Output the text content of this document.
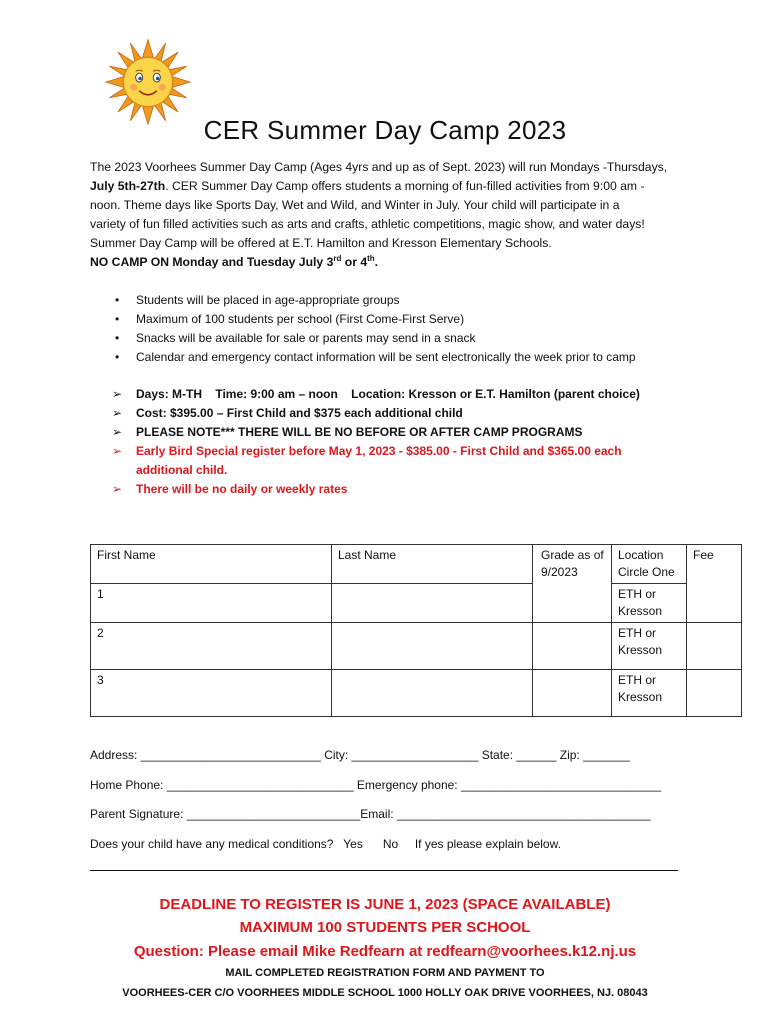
CER Summer Day Camp 2023

The 2023 Voorhees Summer Day Camp (Ages 4yrs and up as of Sept. 2023) will run Mondays -Thursdays,

July 5th-27th. CER Summer Day Camp offers students a morning of fun-filled activities from 9:00 am -

noon. Theme days like Sports Day, Wet and Wild, and Winter in July. Your child will participate in a

variety of fun filled activities such as arts and crafts, athletic competitions, magic show, and water days!

Summer Day Camp will be offered at E.T. Hamilton and Kresson Elementary Schools.

NO CAMP ON Monday and Tuesday July 3rd or 4th.

• Students will be placed in age-appropriate groups
• Maximum of 100 students per school (First Come-First Serve)
• Snacks will be available for sale or parents may send in a snack
• Calendar and emergency contact information will be sent electronically the week prior to camp
➢ Days: M-TH    Time: 9:00 am – noon    Location: Kresson or E.T. Hamilton (parent choice)
➢ Cost: $395.00 – First Child and $375 each additional child
➢ PLEASE NOTE*** THERE WILL BE NO BEFORE OR AFTER CAMP PROGRAMS
➢ Early Bird Special register before May 1, 2023 - $385.00 - First Child and $365.00 each additional child.
➢ There will be no daily or weekly rates
First Name	Last Name	Grade as of 9/2023	Location Circle One	Fee
1			ETH or Kresson	
2			ETH or Kresson	
3			ETH or Kresson	
Address: ___________________________ City: ___________________ State: ______ Zip: _______
Home Phone: ____________________________ Emergency phone: ______________________________
Parent Signature: __________________________Email: ______________________________________
Does your child have any medical conditions?   Yes      No     If yes please explain below.
DEADLINE TO REGISTER IS JUNE 1, 2023 (SPACE AVAILABLE)
MAXIMUM 100 STUDENTS PER SCHOOL
Question: Please email Mike Redfearn at redfearn@voorhees.k12.nj.us
MAIL COMPLETED REGISTRATION FORM AND PAYMENT TO
VOORHEES-CER C/O VOORHEES MIDDLE SCHOOL 1000 HOLLY OAK DRIVE VOORHEES, NJ. 08043
